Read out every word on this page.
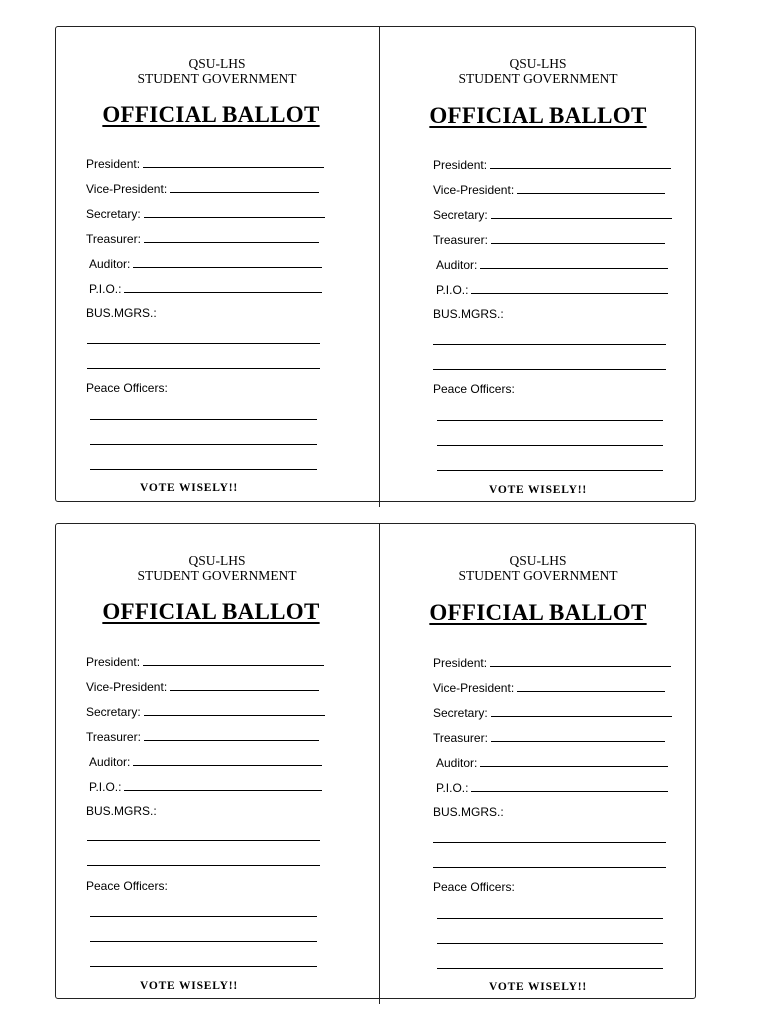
QSU-LHS
STUDENT GOVERNMENT
OFFICIAL BALLOT
President:
Vice-President:
Secretary:
Treasurer:
Auditor:
P.I.O.:
BUS.MGRS.:
Peace Officers:
VOTE WISELY!!
QSU-LHS
STUDENT GOVERNMENT
OFFICIAL BALLOT
President:
Vice-President:
Secretary:
Treasurer:
Auditor:
P.I.O.:
BUS.MGRS.:
Peace Officers:
VOTE WISELY!!
QSU-LHS
STUDENT GOVERNMENT
OFFICIAL BALLOT
President:
Vice-President:
Secretary:
Treasurer:
Auditor:
P.I.O.:
BUS.MGRS.:
Peace Officers:
VOTE WISELY!!
QSU-LHS
STUDENT GOVERNMENT
OFFICIAL BALLOT
President:
Vice-President:
Secretary:
Treasurer:
Auditor:
P.I.O.:
BUS.MGRS.:
Peace Officers:
VOTE WISELY!!
